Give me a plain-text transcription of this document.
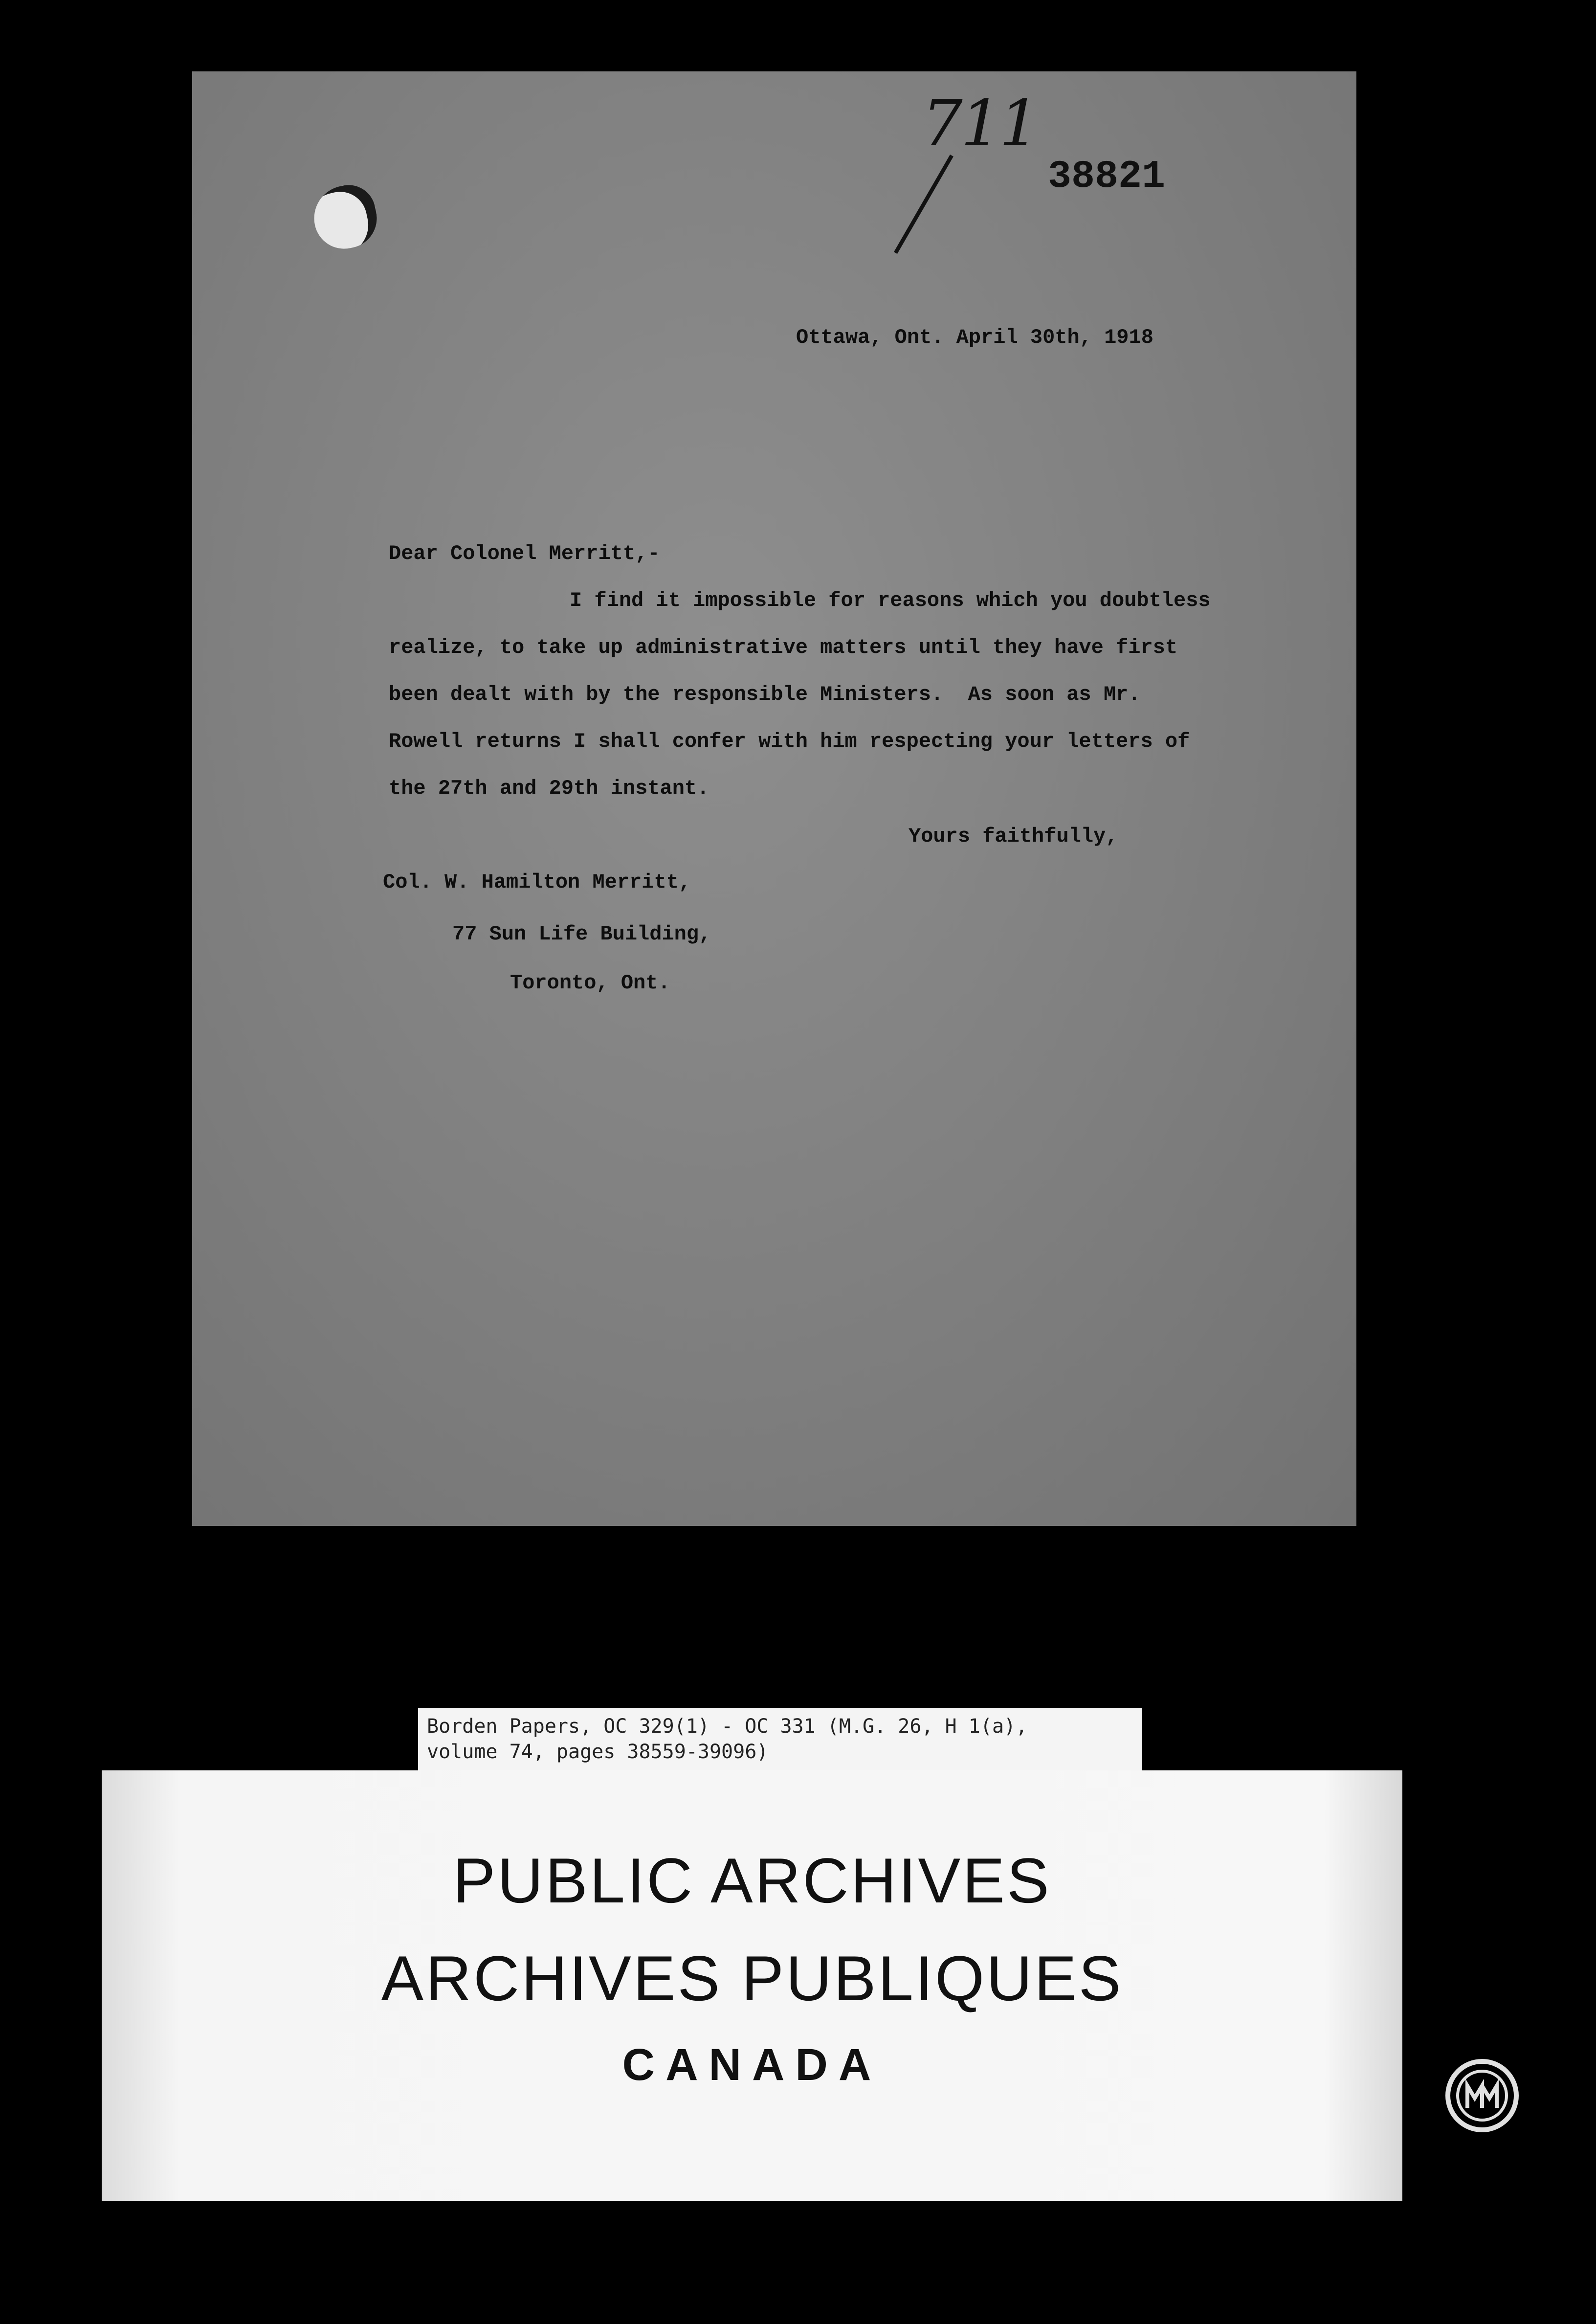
711
38821
Ottawa, Ont. April 30th, 1918
Dear Colonel Merritt,-
I find it impossible for reasons which you doubtless
realize, to take up administrative matters until they have first
been dealt with by the responsible Ministers.  As soon as Mr.
Rowell returns I shall confer with him respecting your letters of
the 27th and 29th instant.
Yours faithfully,
Col. W. Hamilton Merritt,
77 Sun Life Building,
Toronto, Ont.
Borden Papers, OC 329(1) - OC 331 (M.G. 26, H 1(a),
volume 74, pages 38559-39096)
PUBLIC ARCHIVES
ARCHIVES PUBLIQUES
CANADA
